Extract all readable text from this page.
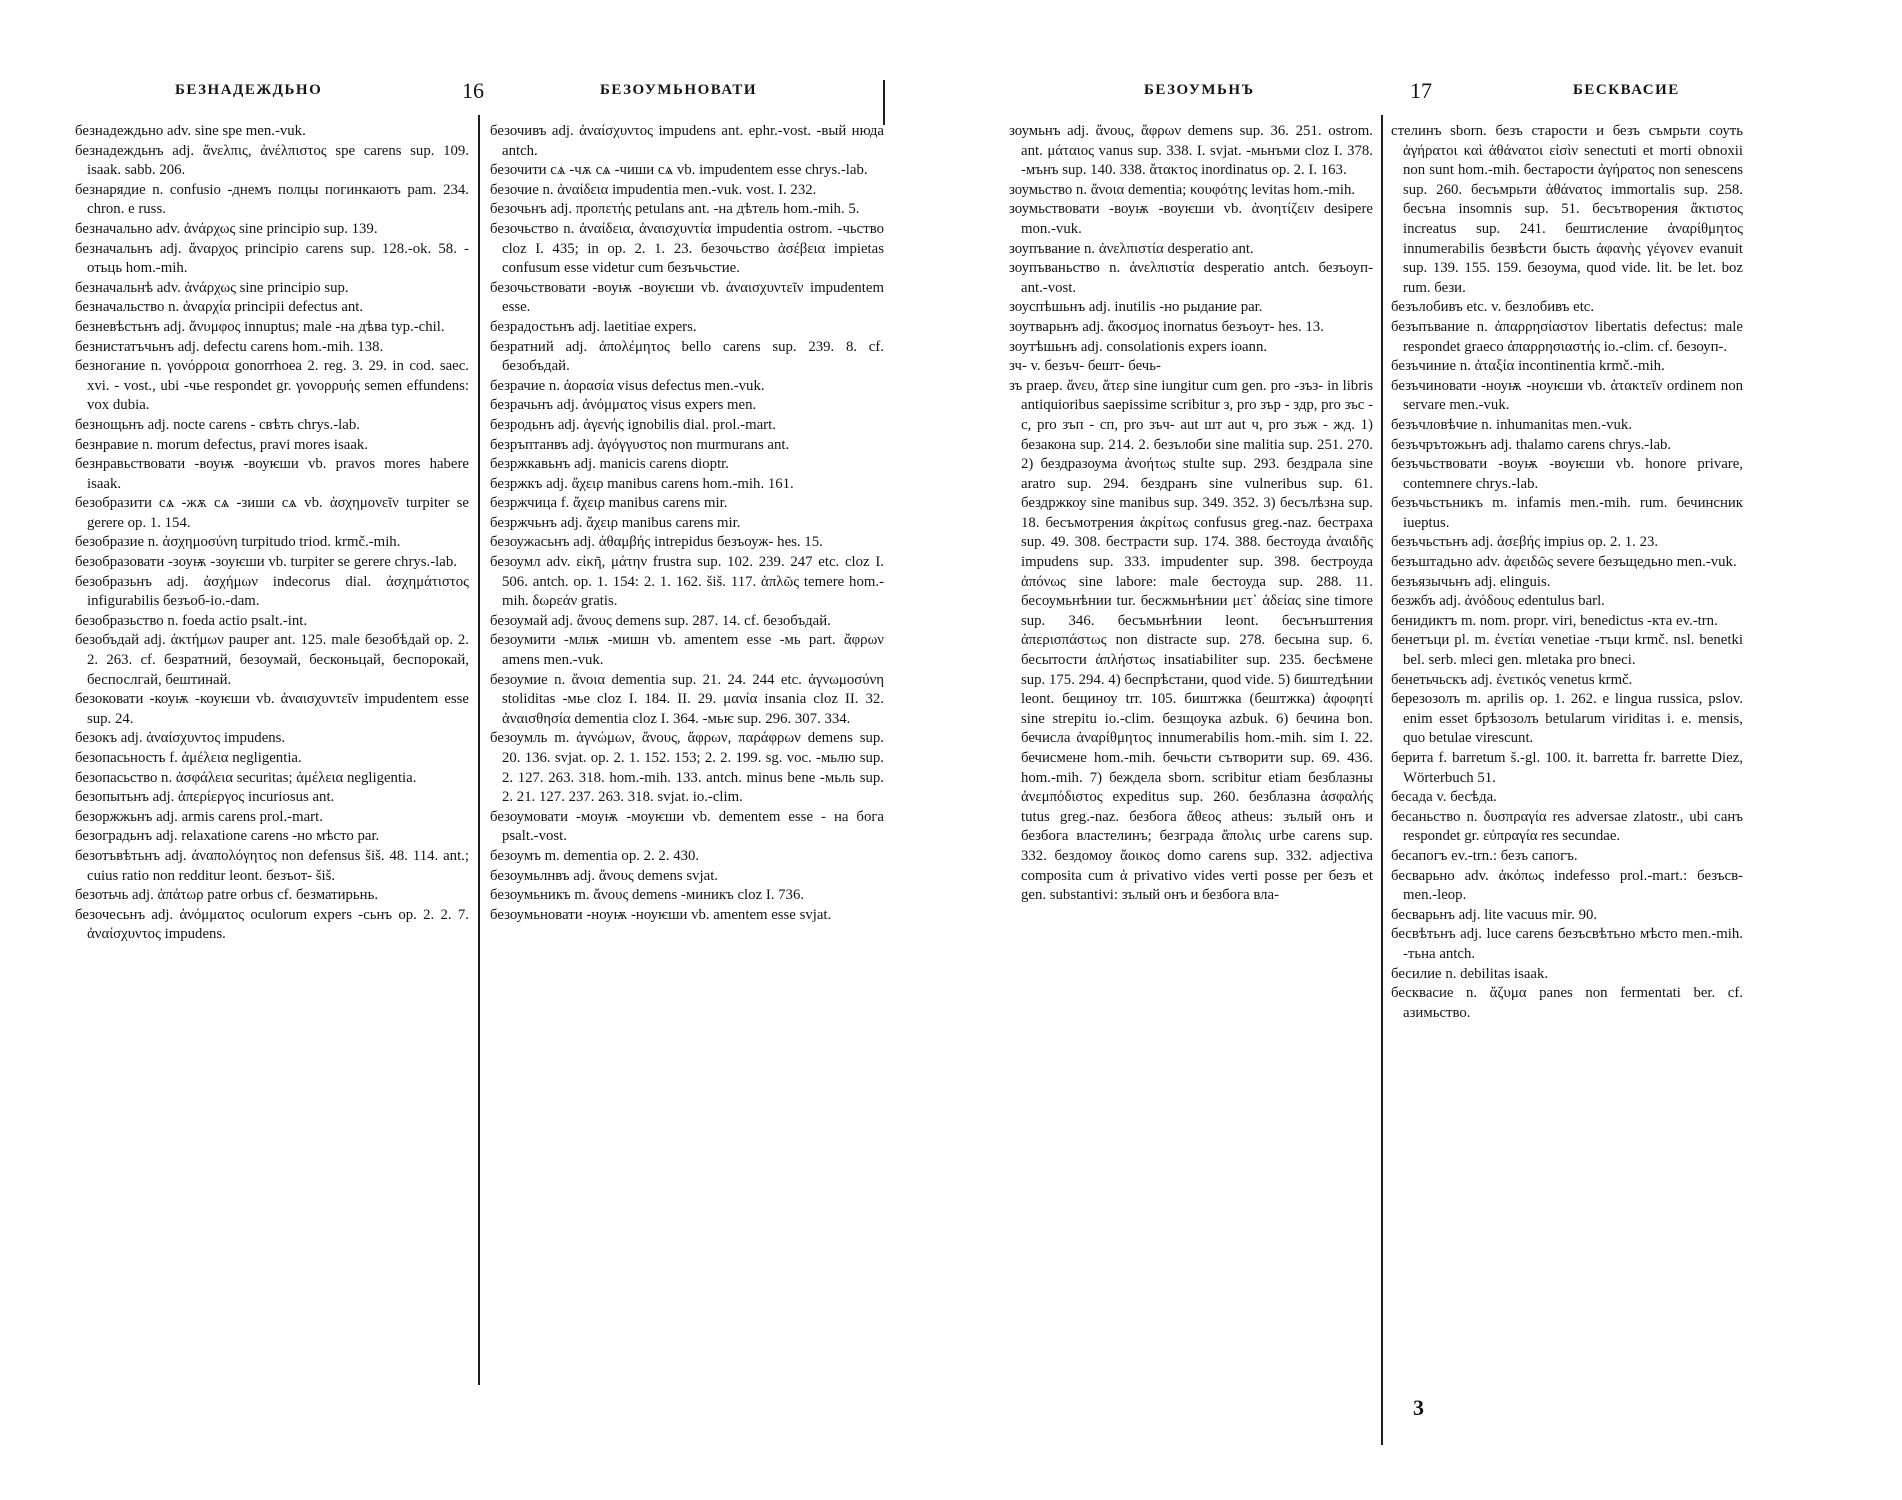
БЕЗНАДЕЖДЬНО	16	БЕЗОУМЬНОВАТИ

безнадеждьно adv. sine spe men.-vuk.

безнадеждьнъ adj. ἄνελπις, ἀνέλπιστος spe carens sup. 109. isaak. sabb. 206.

безнарядие n. confusio -днемъ полцы погинкаютъ pam. 234. chron. e russ.

безначально adv. ἀνάρχως sine principio sup. 139.

безначальнъ adj. ἄναρχος principio carens sup. 128.-ok. 58. - отьць hom.-mih.

безначальнѣ adv. ἀνάρχως sine principio sup.

безначальство n. ἀναρχία principii defectus ant.

безневѣстьнъ adj. ἄνυμφος innuptus; male -на дѣва typ.-chil.

безнистатъчьнъ adj. defectu carens hom.-mih. 138.

безногание n. γονόρροια gonorrhoea 2. reg. 3. 29. in cod. saec. xvi. - vost., ubi -чье respondet gr. γονορρυής semen effundens: vox dubia.

безнощьнъ adj. nocte carens - свѣть chrys.-lab.

безнравие n. morum defectus, pravi mores isaak.

безнравьствовати -воуѭ -воуѥши vb. pravos mores habere isaak.

безобразити сѧ -жѫ сѧ -зиши сѧ vb. ἀσχημονεῖν turpiter se gerere op. 1. 154.

безобразие n. ἀσχημοσύνη turpitudo triod. krmč.-mih.

безобразовати -зоуѭ -зоуѥши vb. turpiter se gerere chrys.-lab.

безобразьнъ adj. ἀσχήμων indecorus dial. ἀσχημάτιστος infigurabilis безъоб-io.-dam.

безобразьство n. foeda actio psalt.-int.

безобъдай adj. ἀκτήμων pauper ant. 125. male безобѣдай op. 2. 2. 263. cf. безратний, безоумай, бесконьцай, беспорокай, беспослгай, бештинай.

безоковати -коуѭ -коуѥши vb. ἀναισχυντεῖν impudentem esse sup. 24.

безокъ adj. ἀναίσχυντος impudens.

безопасьность f. ἀμέλεια negligentia.

безопасьство n. ἀσφάλεια securitas; ἀμέλεια negligentia.

безопытьнъ adj. ἀπερίεργος incuriosus ant.

безоржжьнъ adj. armis carens prol.-mart.

безоградьнъ adj. relaxatione carens -но мѣсто par.

безотъвѣтьнъ adj. ἀναπολόγητος non defensus šiš. 48. 114. ant.; cuius ratio non redditur leont. безъот- šiš.

безотьчь adj. ἀπάτωρ patre orbus cf. безматирьнь.

безочесьнъ adj. ἀνόμματος oculorum expers -сьнъ op. 2. 2. 7. ἀναίσχυντος impudens.

безочивъ adj. ἀναίσχυντος impudens ant. ephr.-vost. -вый нюда antch.

безочити сѧ -чѫ сѧ -чиши сѧ vb. impudentem esse chrys.-lab.

безочие n. ἀναίδεια impudentia men.-vuk. vost. I. 232.

безочьнъ adj. προπετής petulans ant. -на дѣтель hom.-mih. 5.

безочьство n. ἀναίδεια, ἀναισχυντία impudentia ostrom. -чьство cloz I. 435; in op. 2. 1. 23. безочьство ἀσέβεια impietas confusum esse videtur cum безъчьстие.

безочьствовати -воуѭ -воуѥши vb. ἀναισχυντεῖν impudentem esse.

безрадостьнъ adj. laetitiae expers.

безратний adj. ἀπολέμητος bello carens sup. 239. 8. cf. безобъдай.

безрачие n. ἀορασία visus defectus men.-vuk.

безрачьнъ adj. ἀνόμματος visus expers men.

безродьнъ adj. ἀγενής ignobilis dial. prol.-mart.

безръптанвъ adj. ἀγόγγυστος non murmurans ant.

безржкавьнъ adj. manicis carens dioptr.

безржкъ adj. ἄχειρ manibus carens hom.-mih. 161.

безржчица f. ἄχειρ manibus carens mir.

безржчьнъ adj. ἄχειρ manibus carens mir.

безоужасьнъ adj. ἀθαμβής intrepidus безъоуж- hes. 15.

безоумл adv. εἰκῆ, μάτην frustra sup. 102. 239. 247 etc. cloz I. 506. antch. op. 1. 154: 2. 1. 162. šiš. 117. ἁπλῶς temere hom.-mih. δωρεάν gratis.

безоумай adj. ἄνους demens sup. 287. 14. cf. безобъдай.

безоумити -млѭ -мишн vb. amentem esse -мь part. ἄφρων amens men.-vuk.

безоумие n. ἄνοια dementia sup. 21. 24. 244 etc. ἀγνωμοσύνη stoliditas -мье cloz I. 184. II. 29. μανία insania cloz II. 32. ἀναισθησία dementia cloz I. 364. -мьѥ sup. 296. 307. 334.

безоумль m. ἀγνώμων, ἄνους, ἄφρων, παράφρων demens sup. 20. 136. svjat. op. 2. 1. 152. 153; 2. 2. 199. sg. voc. -мьлю sup. 2. 127. 263. 318. hom.-mih. 133. antch. minus bene -мьль sup. 2. 21. 127. 237. 263. 318. svjat. io.-clim.

безоумовати -моуѭ -моуѥши vb. dementem esse - на бога psalt.-vost.

безоумъ m. dementia op. 2. 2. 430.

безоумьлнвъ adj. ἄνους demens svjat.

безоумьникъ m. ἄνους demens -миникъ cloz I. 736.

безоумьновати -ноуѭ -ноуѥши vb. amentem esse svjat.

БЕЗОУМЬНЪ	17	БЕСКВАСИЕ

зоумьнъ adj. ἄνους, ἄφρων demens sup. 36. 251. ostrom. ant. μάταιος vanus sup. 338. I. svjat. -мьнъми cloz I. 378. -мънъ sup. 140. 338. ἄτακτος inordinatus op. 2. I. 163.

зоумьство n. ἄνοια dementia; κουφότης levitas hom.-mih.

зоумьствовати -воуѭ -воуѥши vb. ἀνοητίζειν desipere mon.-vuk.

зоупъвание n. ἀνελπιστία desperatio ant.

зоупъваньство n. ἀνελπιστία desperatio antch. безъоуп- ant.-vost.

зоуспѣшьнъ adj. inutilis -но рыдание par.

зоутварьнъ adj. ἄκοσμος inornatus безъоут- hes. 13.

зоутѣшьнъ adj. consolationis expers ioann.

зч- v. безъч- бешт- бечь-

зъ praep. ἄνευ, ἄτερ sine iungitur cum gen. pro -зъз- in libris antiquioribus saepissime scribitur з, pro зър - здр, pro зъс - с, pro зъп - сп, pro зъч- aut шт aut ч, pro зъж - жд. 1) безакона sup. 214. 2. безълоби sine malitia sup. 251. 270. 2) бездразоума ἀνοήτως stulte sup. 293. бездрала sine aratro sup. 294. бездранъ sine vulneribus sup. 61. бездржкоу sine manibus sup. 349. 352. 3) бесълѣзна sup. 18. бесъмотрения ἀκρίτως confusus greg.-naz. бестраха sup. 49. 308. бестрасти sup. 174. 388. бестоуда ἀναιδῆς impudens sup. 333. impudenter sup. 398. бестроуда ἀπόνως sine labore: male бестоуда sup. 288. 11. бесоумьнѣнии tur. бесжмьнѣнии μετ᾽ ἀδείας sine timore sup. 346. бесъмьнѣнии leont. бесънъштения ἀπερισπάστως non distracte sup. 278. бесына sup. 6. бесытости ἀπλήστως insatiabiliter sup. 235. бесѣмене sup. 175. 294. 4) беспрѣстани, quod vide. 5) биштедѣнии leont. бещиноу trr. 105. биштжка (бештжка) ἀφοφητί sine strepitu io.-clim. безщоука azbuk. 6) бечина bon. бечисла ἀναρίθμητος innumerabilis hom.-mih. sim I. 22. бечисмене hom.-mih. бечьсти сътворити sup. 69. 436. hom.-mih. 7) беждела sborn. scribitur etiam безблазны ἀνεμπόδιστος expeditus sup. 260. безблазна ἀσφαλής tutus greg.-naz. безбога ἄθεος atheus: зълый онъ и безбога властелинъ; безграда ἄπολις urbe carens sup. 332. бездомоу ἄοικος domo carens sup. 332. adjectiva composita cum ἀ privativo vides verti posse per безъ et gen. substantivi: зълый онъ и безбога вла-

стелинъ sborn. безъ старости и безъ съмрьти соуть ἀγήρατοι καὶ ἀθάνατοι εἰσὶν senectuti et morti obnoxii non sunt hom.-mih. бестарости ἀγήρατος non senescens sup. 260. бесъмрьти ἀθάνατος immortalis sup. 258. бесъна insomnis sup. 51. бесътворения ἄκτιστος increatus sup. 241. бештисление ἀναρίθμητος innumerabilis безвѣсти бысть ἀφανὴς γέγονεν evanuit sup. 139. 155. 159. безоума, quod vide. lit. be let. boz rum. бези.

безълобивъ etc. v. безлобивъ etc.

безъпъвание n. ἀπαρρησίαστον libertatis defectus: male respondet graeco ἀπαρρησιαστής io.-clim. cf. безоуп-.

безъчиние n. ἀταξία incontinentia krmč.-mih.

безъчиновати -ноуѭ -ноуѥши vb. ἀτακτεῖν ordinem non servare men.-vuk.

безъчловѣчие n. inhumanitas men.-vuk.

безъчрътожьнъ adj. thalamo carens chrys.-lab.

безъчьствовати -воуѭ -воуѥши vb. honore privare, contemnere chrys.-lab.

безъчьстьникъ m. infamis men.-mih. rum. бечинсник iueptus.

безъчьстьнъ adj. ἀσεβής impius op. 2. 1. 23.

безъштадьно adv. ἀφειδῶς severe безъщедьно men.-vuk.

безъязычьнъ adj. elinguis.

безжбъ adj. ἀνόδους edentulus barl.

бенидиктъ m. nom. propr. viri, benedictus -кта ev.-trn.

бенетъци pl. m. ἐνετίαι venetiae -тъци krmč. nsl. benetki bel. serb. mleci gen. mletaka pro bneci.

бенетьчьскъ adj. ἐνετικός venetus krmč.

березозолъ m. aprilis op. 1. 262. e lingua russica, pslov. enim esset брѣзозолъ betularum viriditas i. e. mensis, quo betulae virescunt.

берита f. barretum š.-gl. 100. it. barretta fr. barrette Diez, Wörterbuch 51.

бесада v. бесѣда.

бесаньство n. δυσπραγία res adversae zlatostr., ubi санъ respondet gr. εὐπραγία res secundae.

бесапогъ ev.-trn.: безъ сапогъ.

бесварьно adv. ἀκόπως indefesso prol.-mart.: безъсв- men.-leop.

бесварьнъ adj. lite vacuus mir. 90.

бесвѣтьнъ adj. luce carens безъсвѣтьно мѣсто men.-mih. -тьна antch.

бесилие n. debilitas isaak.

бесквасие n. ἄζυμα panes non fermentati ber. cf. азимьство.

3
